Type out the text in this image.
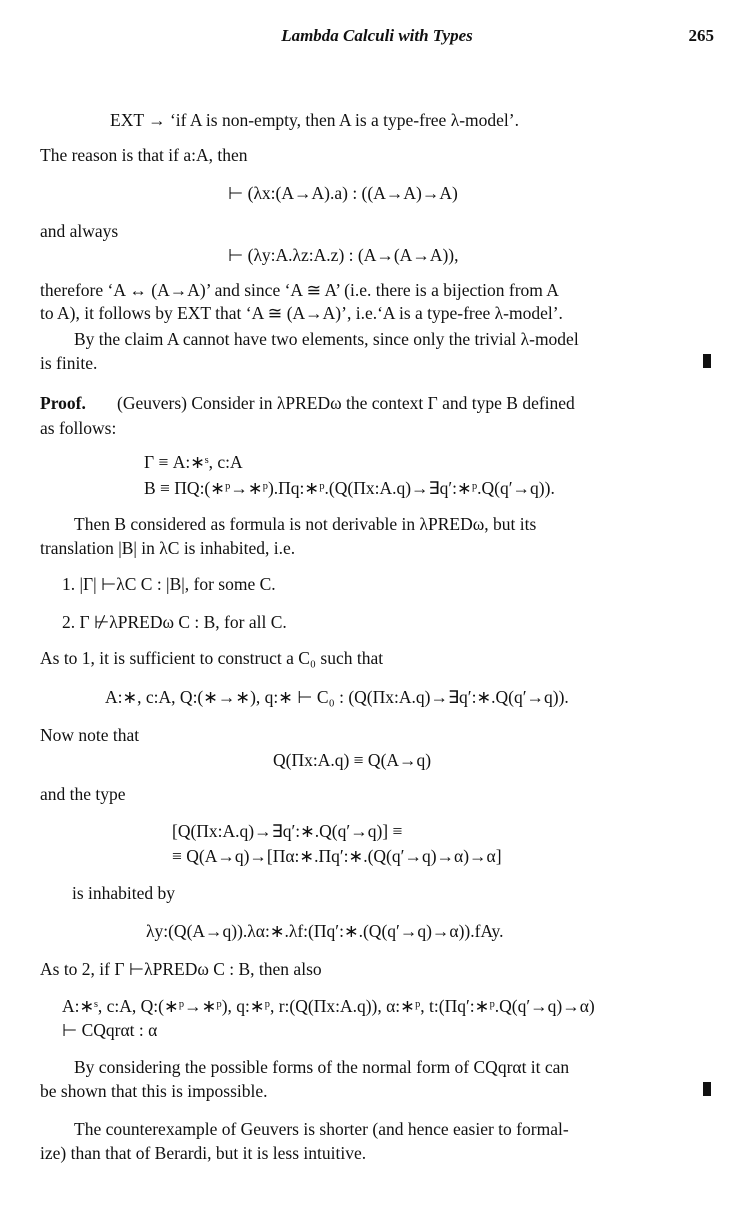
Lambda Calculi with Types	265
EXT → ‘if A is non-empty, then A is a type-free λ-model’.
The reason is that if a:A, then
⊢ (λx:(A→A).a) : ((A→A)→A)
and always
⊢ (λy:A.λz:A.z) : (A→(A→A)),
therefore ‘A ↔ (A→A)’ and since ‘A ≅ A’ (i.e. there is a bijection from A
to A), it follows by EXT that ‘A ≅ (A→A)’, i.e.‘A is a type-free λ-model’.
By the claim A cannot have two elements, since only the trivial λ-model
is finite.
Proof. (Geuvers) Consider in λPREDω the context Γ and type B defined
as follows:
Γ ≡ A:∗ˢ, c:A
B ≡ ΠQ:(∗ᵖ→∗ᵖ).Πq:∗ᵖ.(Q(Πx:A.q)→∃q′:∗ᵖ.Q(q′→q)).
Then B considered as formula is not derivable in λPREDω, but its
translation |B| in λC is inhabited, i.e.
1. |Γ| ⊢λC C : |B|, for some C.
2. Γ ⊬λPREDω C : B, for all C.
As to 1, it is sufficient to construct a C₀ such that
A:∗, c:A, Q:(∗→∗), q:∗ ⊢ C₀ : (Q(Πx:A.q)→∃q′:∗.Q(q′→q)).
Now note that
Q(Πx:A.q) ≡ Q(A→q)
and the type
[Q(Πx:A.q)→∃q′:∗.Q(q′→q)] ≡
≡ Q(A→q)→[Πα:∗.Πq′:∗.(Q(q′→q)→α)→α]
is inhabited by
λy:(Q(A→q)).λα:∗.λf:(Πq′:∗.(Q(q′→q)→α)).fAy.
As to 2, if Γ ⊢λPREDω C : B, then also
A:∗ˢ, c:A, Q:(∗ᵖ→∗ᵖ), q:∗ᵖ, r:(Q(Πx:A.q)), α:∗ᵖ, t:(Πq′:∗ᵖ.Q(q′→q)→α)
⊢ CQqrαt : α
By considering the possible forms of the normal form of CQqrαt it can
be shown that this is impossible.
The counterexample of Geuvers is shorter (and hence easier to formal-
ize) than that of Berardi, but it is less intuitive.
